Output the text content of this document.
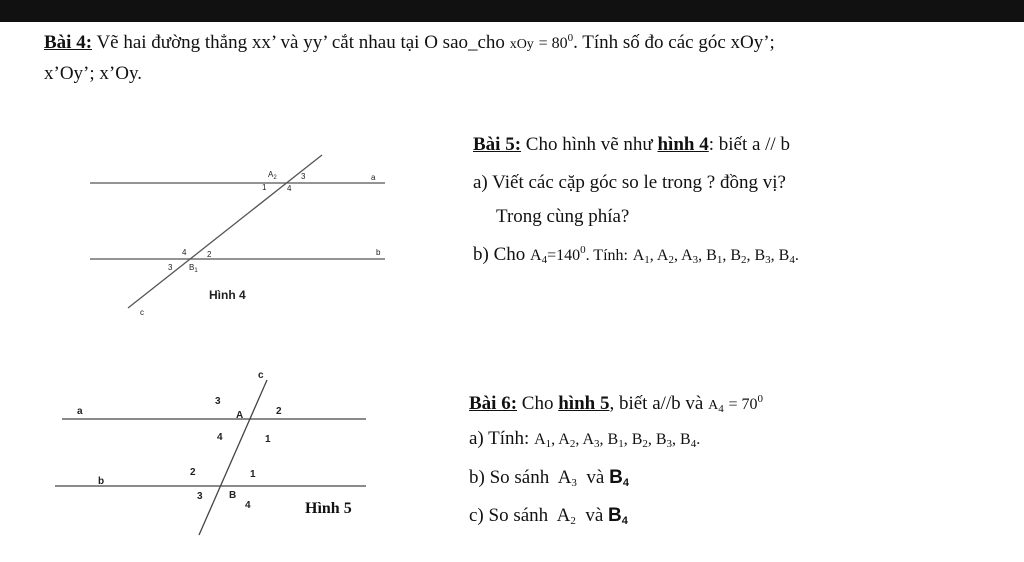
Bài 4: Vẽ hai đường thẳng xx’ và yy’ cắt nhau tại O sao_cho xOy = $80^0$. Tính số đo các góc xOy’;
x’Oy’; x’Oy.
Bài 5: Cho hình vẽ như hình 4: biết a // b
a) Viết các cặp góc so le trong ? đồng vị?
Trong cùng phía?
b) Cho $A_4=140^0$. Tính: $A_1$, $A_2$, $A_3$, $B_1$, $B_2$, $B_3$, $B_4$.
Bài 6: Cho hình 5, biết a//b và $A_4 = 70^0$
a) Tính: $A_1$, $A_2$, $A_3$, $B_1$, $B_2$, $B_3$, $B_4$.
b) So sánh $A_3$ và $B_4$
c) So sánh $A_2$ và $B_4$
a
b
c
$A_2$
1
3
4
4	2
3 $B_1$
Hình 4
a
b
c
A
3
2
4	1
2	1
3	B
4	Hình 5
